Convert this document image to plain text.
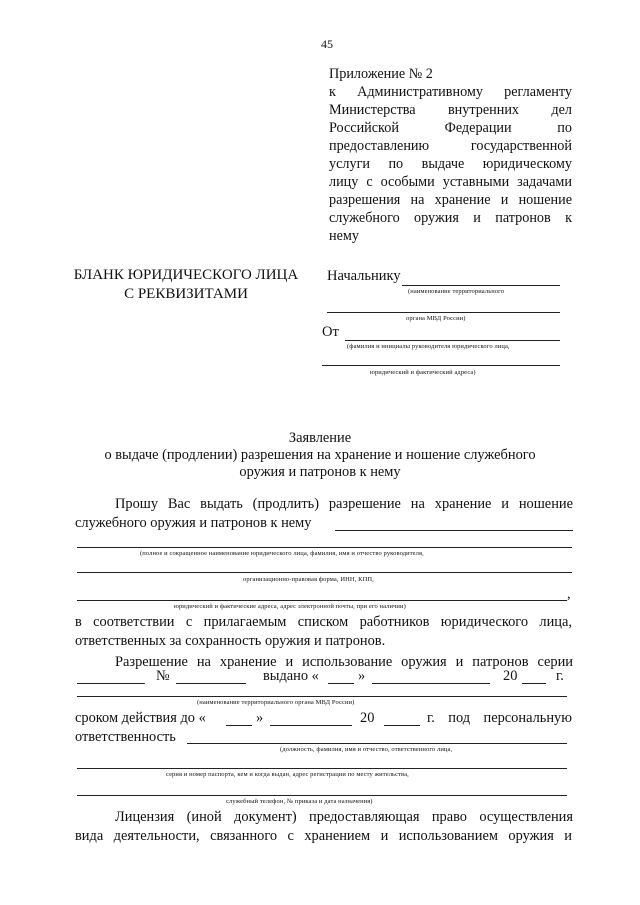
45
Приложение № 2
к Административному регламенту
Министерства внутренних дел
Российской Федерации по
предоставлению государственной
услуги по выдаче юридическому
лицу с особыми уставными задачами
разрешения на хранение и ношение
служебного оружия и патронов к
нему
БЛАНК ЮРИДИЧЕСКОГО ЛИЦА
С РЕКВИЗИТАМИ
Начальнику
(наименование территориального
органа МВД России)
От
(фамилия и инициалы руководителя юридического лица,
юридический и фактический адреса)
Заявление
о выдаче (продлении) разрешения на хранение и ношение служебного
оружия и патронов к нему
Прошу Вас выдать (продлить) разрешение на хранение и ношение
служебного оружия и патронов к нему
(полное и сокращенное наименование юридического лица, фамилия, имя и отчество руководителя,
организационно-правовая форма, ИНН, КПП,
,
юридический и фактические адреса, адрес электронной почты, при его наличии)
в соответствии с прилагаемым списком работников юридического лица,
ответственных за сохранность оружия и патронов.
Разрешение на хранение и использование оружия и патронов серии
№	выдано «	»	20	г.
(наименование территориального органа МВД России)
сроком действия до «	»	20	г. под персональную
ответственность
(должность, фамилия, имя и отчество, ответственного лица,
серия и номер паспорта, кем и когда выдан, адрес регистрации по месту жительства,
служебный телефон, № приказа и дата назначения)
Лицензия (иной документ) предоставляющая право осуществления
вида деятельности, связанного с хранением и использованием оружия и
